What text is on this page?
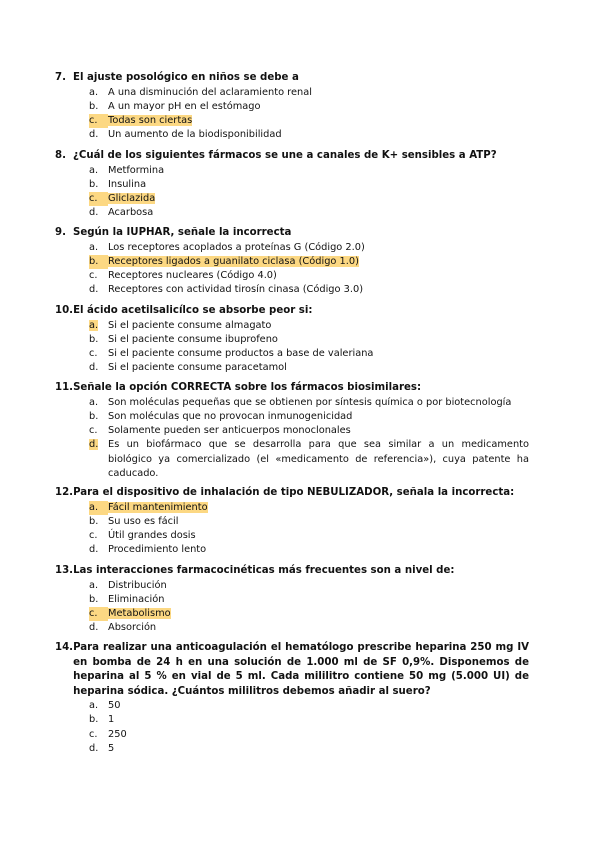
7. El ajuste posológico en niños se debe a
a.	A una disminución del aclaramiento renal
b. A un mayor pH en el estómago
c.	Todas son ciertas
d. Un aumento de la biodisponibilidad
8. ¿Cuál de los siguientes fármacos se une a canales de K+ sensibles a ATP?
a.	Metformina
b. Insulina
c.	Gliclazida
d. Acarbosa
9. Según la IUPHAR, señale la incorrecta
a.	Los receptores acoplados a proteínas G (Código 2.0)
b. Receptores ligados a guanilato ciclasa (Código 1.0)
c.	Receptores nucleares (Código 4.0)
d. Receptores con actividad tirosín cinasa (Código 3.0)
10. El ácido acetilsalicílco se absorbe peor si:
a.	Si el paciente consume almagato
b. Si el paciente consume ibuprofeno
c.	Si el paciente consume productos a base de valeriana
d. Si el paciente consume paracetamol
11. Señale la opción CORRECTA sobre los fármacos biosimilares:
a.	Son moléculas pequeñas que se obtienen por síntesis química o por biotecnología
b. Son moléculas que no provocan inmunogenicidad
c.	Solamente pueden ser anticuerpos monoclonales
d. Es un biofármaco que se desarrolla para que sea similar a un medicamento biológico ya comercializado (el «medicamento de referencia»), cuya patente ha caducado.
12. Para el dispositivo de inhalación de tipo NEBULIZADOR, señala la incorrecta:
a.	Fácil mantenimiento
b. Su uso es fácil
c.	Útil grandes dosis
d. Procedimiento lento
13. Las interacciones farmacocinéticas más frecuentes son a nivel de:
a.	Distribución
b. Eliminación
c.	Metabolismo
d. Absorción
14. Para realizar una anticoagulación el hematólogo prescribe heparina 250 mg IV en bomba de 24 h en una solución de 1.000 ml de SF 0,9%. Disponemos de heparina al 5 % en vial de 5 ml. Cada mililitro contiene 50 mg (5.000 UI) de heparina sódica. ¿Cuántos mililitros debemos añadir al suero?
a.	50
b. 1
c.	250
d. 5
